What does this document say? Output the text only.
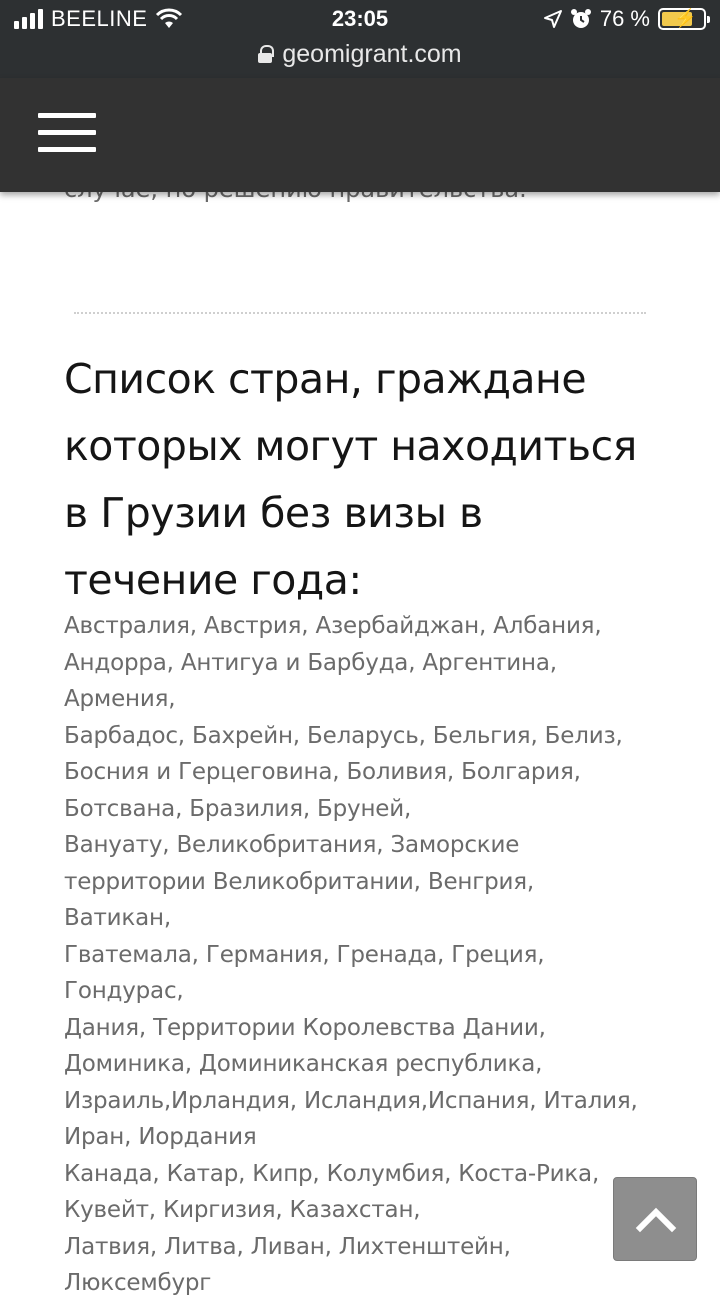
BEELINE	23:05	76 % ⚡
geomigrant.com
Список стран, граждане которых могут находиться в Грузии без визы в течение года:
Австралия, Австрия, Азербайджан, Албания,
Андорра, Антигуа и Барбуда, Аргентина,
Армения,
Барбадос, Бахрейн, Беларусь, Бельгия, Белиз,
Босния и Герцеговина, Боливия, Болгария,
Ботсвана, Бразилия, Бруней,
Вануату, Великобритания, Заморские
территории Великобритании, Венгрия,
Ватикан,
Гватемала, Германия, Гренада, Греция,
Гондурас,
Дания, Территории Королевства Дании,
Доминика, Доминиканская республика,
Израиль,Ирландия, Исландия,Испания, Италия,
Иран, Иордания
Канада, Катар, Кипр, Колумбия, Коста-Рика,
Кувейт, Киргизия, Казахстан,
Латвия, Литва, Ливан, Лихтенштейн,
Люксембург
